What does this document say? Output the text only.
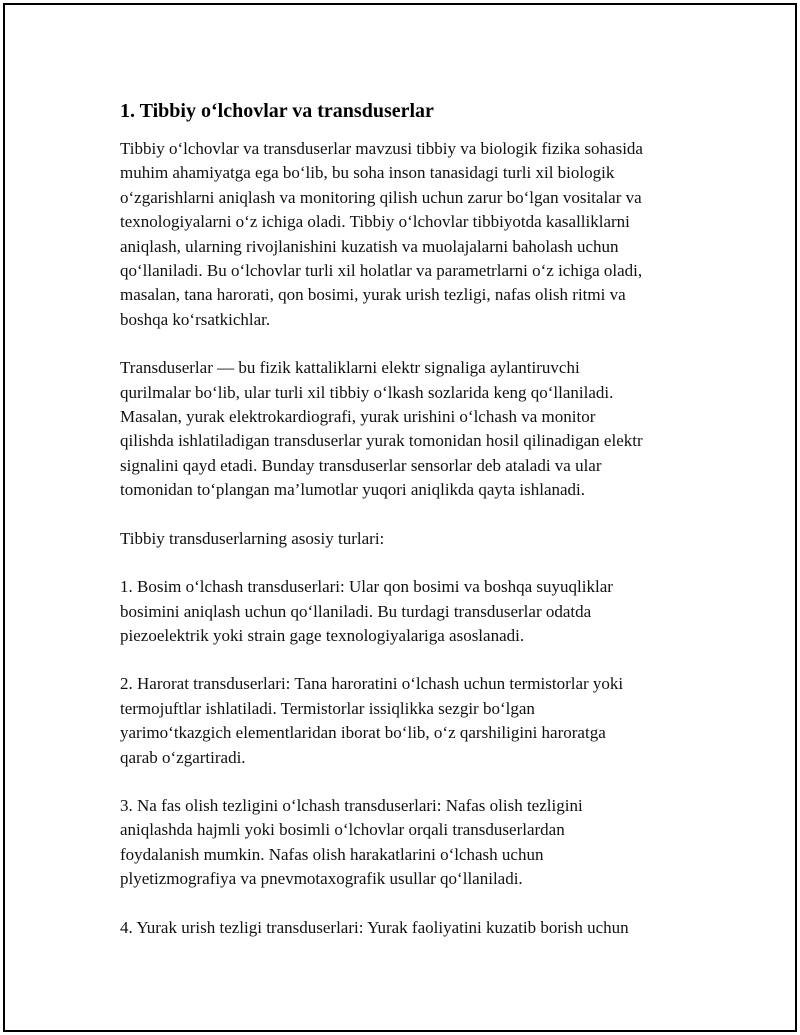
1. Tibbiy o‘lchovlar va transduserlar

Tibbiy o‘lchovlar va transduserlar mavzusi tibbiy va biologik fizika sohasida
muhim ahamiyatga ega bo‘lib, bu soha inson tanasidagi turli xil biologik
o‘zgarishlarni aniqlash va monitoring qilish uchun zarur bo‘lgan vositalar va
texnologiyalarni o‘z ichiga oladi. Tibbiy o‘lchovlar tibbiyotda kasalliklarni
aniqlash, ularning rivojlanishini kuzatish va muolajalarni baholash uchun
qo‘llaniladi. Bu o‘lchovlar turli xil holatlar va parametrlarni o‘z ichiga oladi,
masalan, tana harorati, qon bosimi, yurak urish tezligi, nafas olish ritmi va
boshqa ko‘rsatkichlar.

Transduserlar — bu fizik kattaliklarni elektr signaliga aylantiruvchi
qurilmalar bo‘lib, ular turli xil tibbiy o‘lkash sozlarida keng qo‘llaniladi.
Masalan, yurak elektrokardiografi, yurak urishini o‘lchash va monitor
qilishda ishlatiladigan transduserlar yurak tomonidan hosil qilinadigan elektr
signalini qayd etadi. Bunday transduserlar sensorlar deb ataladi va ular
tomonidan to‘plangan ma’lumotlar yuqori aniqlikda qayta ishlanadi.

Tibbiy transduserlarning asosiy turlari:

1. Bosim o‘lchash transduserlari: Ular qon bosimi va boshqa suyuqliklar
bosimini aniqlash uchun qo‘llaniladi. Bu turdagi transduserlar odatda
piezoelektrik yoki strain gage texnologiyalariga asoslanadi.

2. Harorat transduserlari: Tana haroratini o‘lchash uchun termistorlar yoki
termojuftlar ishlatiladi. Termistorlar issiqlikka sezgir bo‘lgan
yarimo‘tkazgich elementlaridan iborat bo‘lib, o‘z qarshiligini haroratga
qarab o‘zgartiradi.

3. Na fas olish tezligini o‘lchash transduserlari: Nafas olish tezligini
aniqlashda hajmli yoki bosimli o‘lchovlar orqali transduserlardan
foydalanish mumkin. Nafas olish harakatlarini o‘lchash uchun
plyetizmografiya va pnevmotaxografik usullar qo‘llaniladi.

4. Yurak urish tezligi transduserlari: Yurak faoliyatini kuzatib borish uchun
